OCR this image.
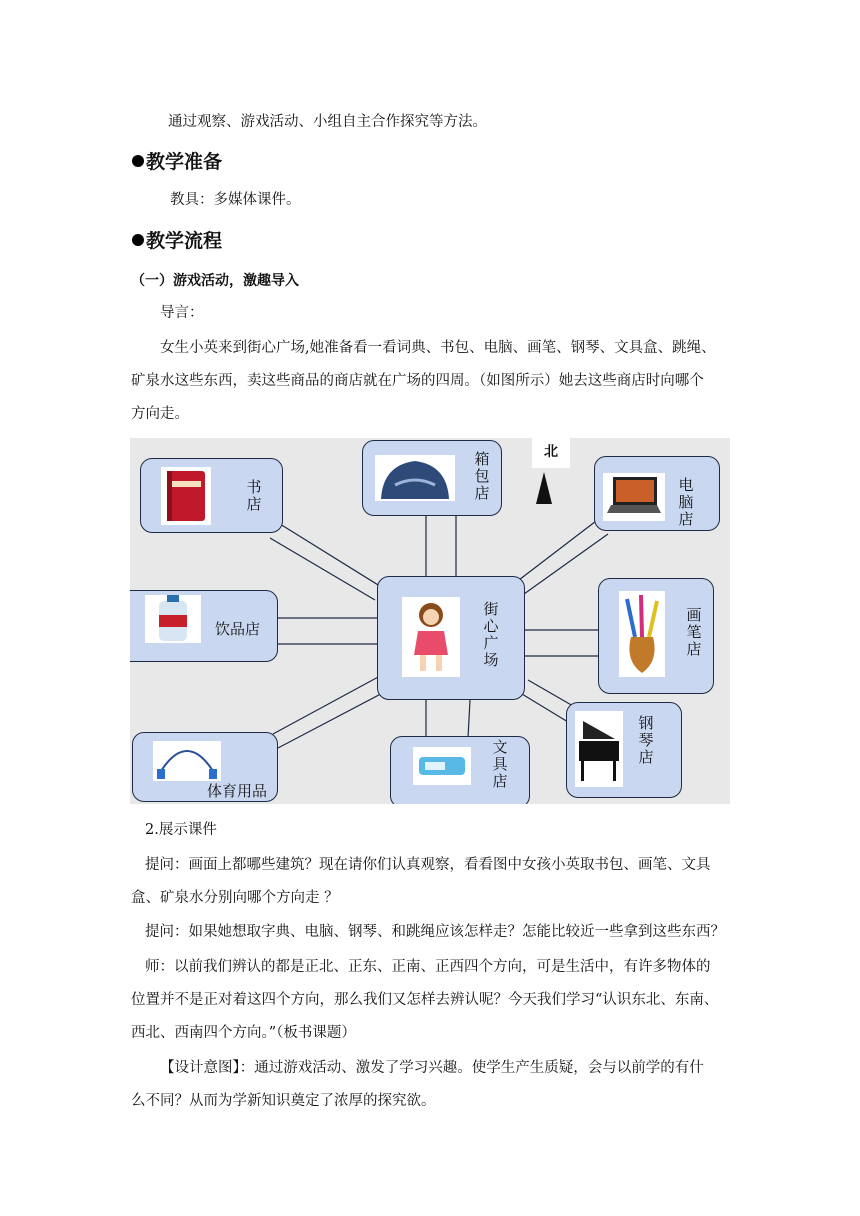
通过观察、游戏活动、小组自主合作探究等方法。
教学准备
教具：多媒体课件。
教学流程
（一）游戏活动，激趣导入
导言：
女生小英来到街心广场,她准备看一看词典、书包、电脑、画笔、钢琴、文具盒、跳绳、
矿泉水这些东西，卖这些商品的商店就在广场的四周。（如图所示）她去这些商店时向哪个
方向走。
北
书店
箱包店	电脑店
饮品店
街心广场
画笔店
体育用品
文具店
钢琴店
2.展示课件
提问：画面上都哪些建筑？现在请你们认真观察，看看图中女孩小英取书包、画笔、文具
盒、矿泉水分别向哪个方向走 ？
提问：如果她想取字典、电脑、钢琴、和跳绳应该怎样走？怎能比较近一些拿到这些东西？
师：以前我们辨认的都是正北、正东、正南、正西四个方向，可是生活中，有许多物体的
位置并不是正对着这四个方向，那么我们又怎样去辨认呢？今天我们学习“认识东北、东南、
西北、西南四个方向。”（板书课题）
【设计意图】：通过游戏活动、激发了学习兴趣。使学生产生质疑，会与以前学的有什
么不同？从而为学新知识奠定了浓厚的探究欲。
